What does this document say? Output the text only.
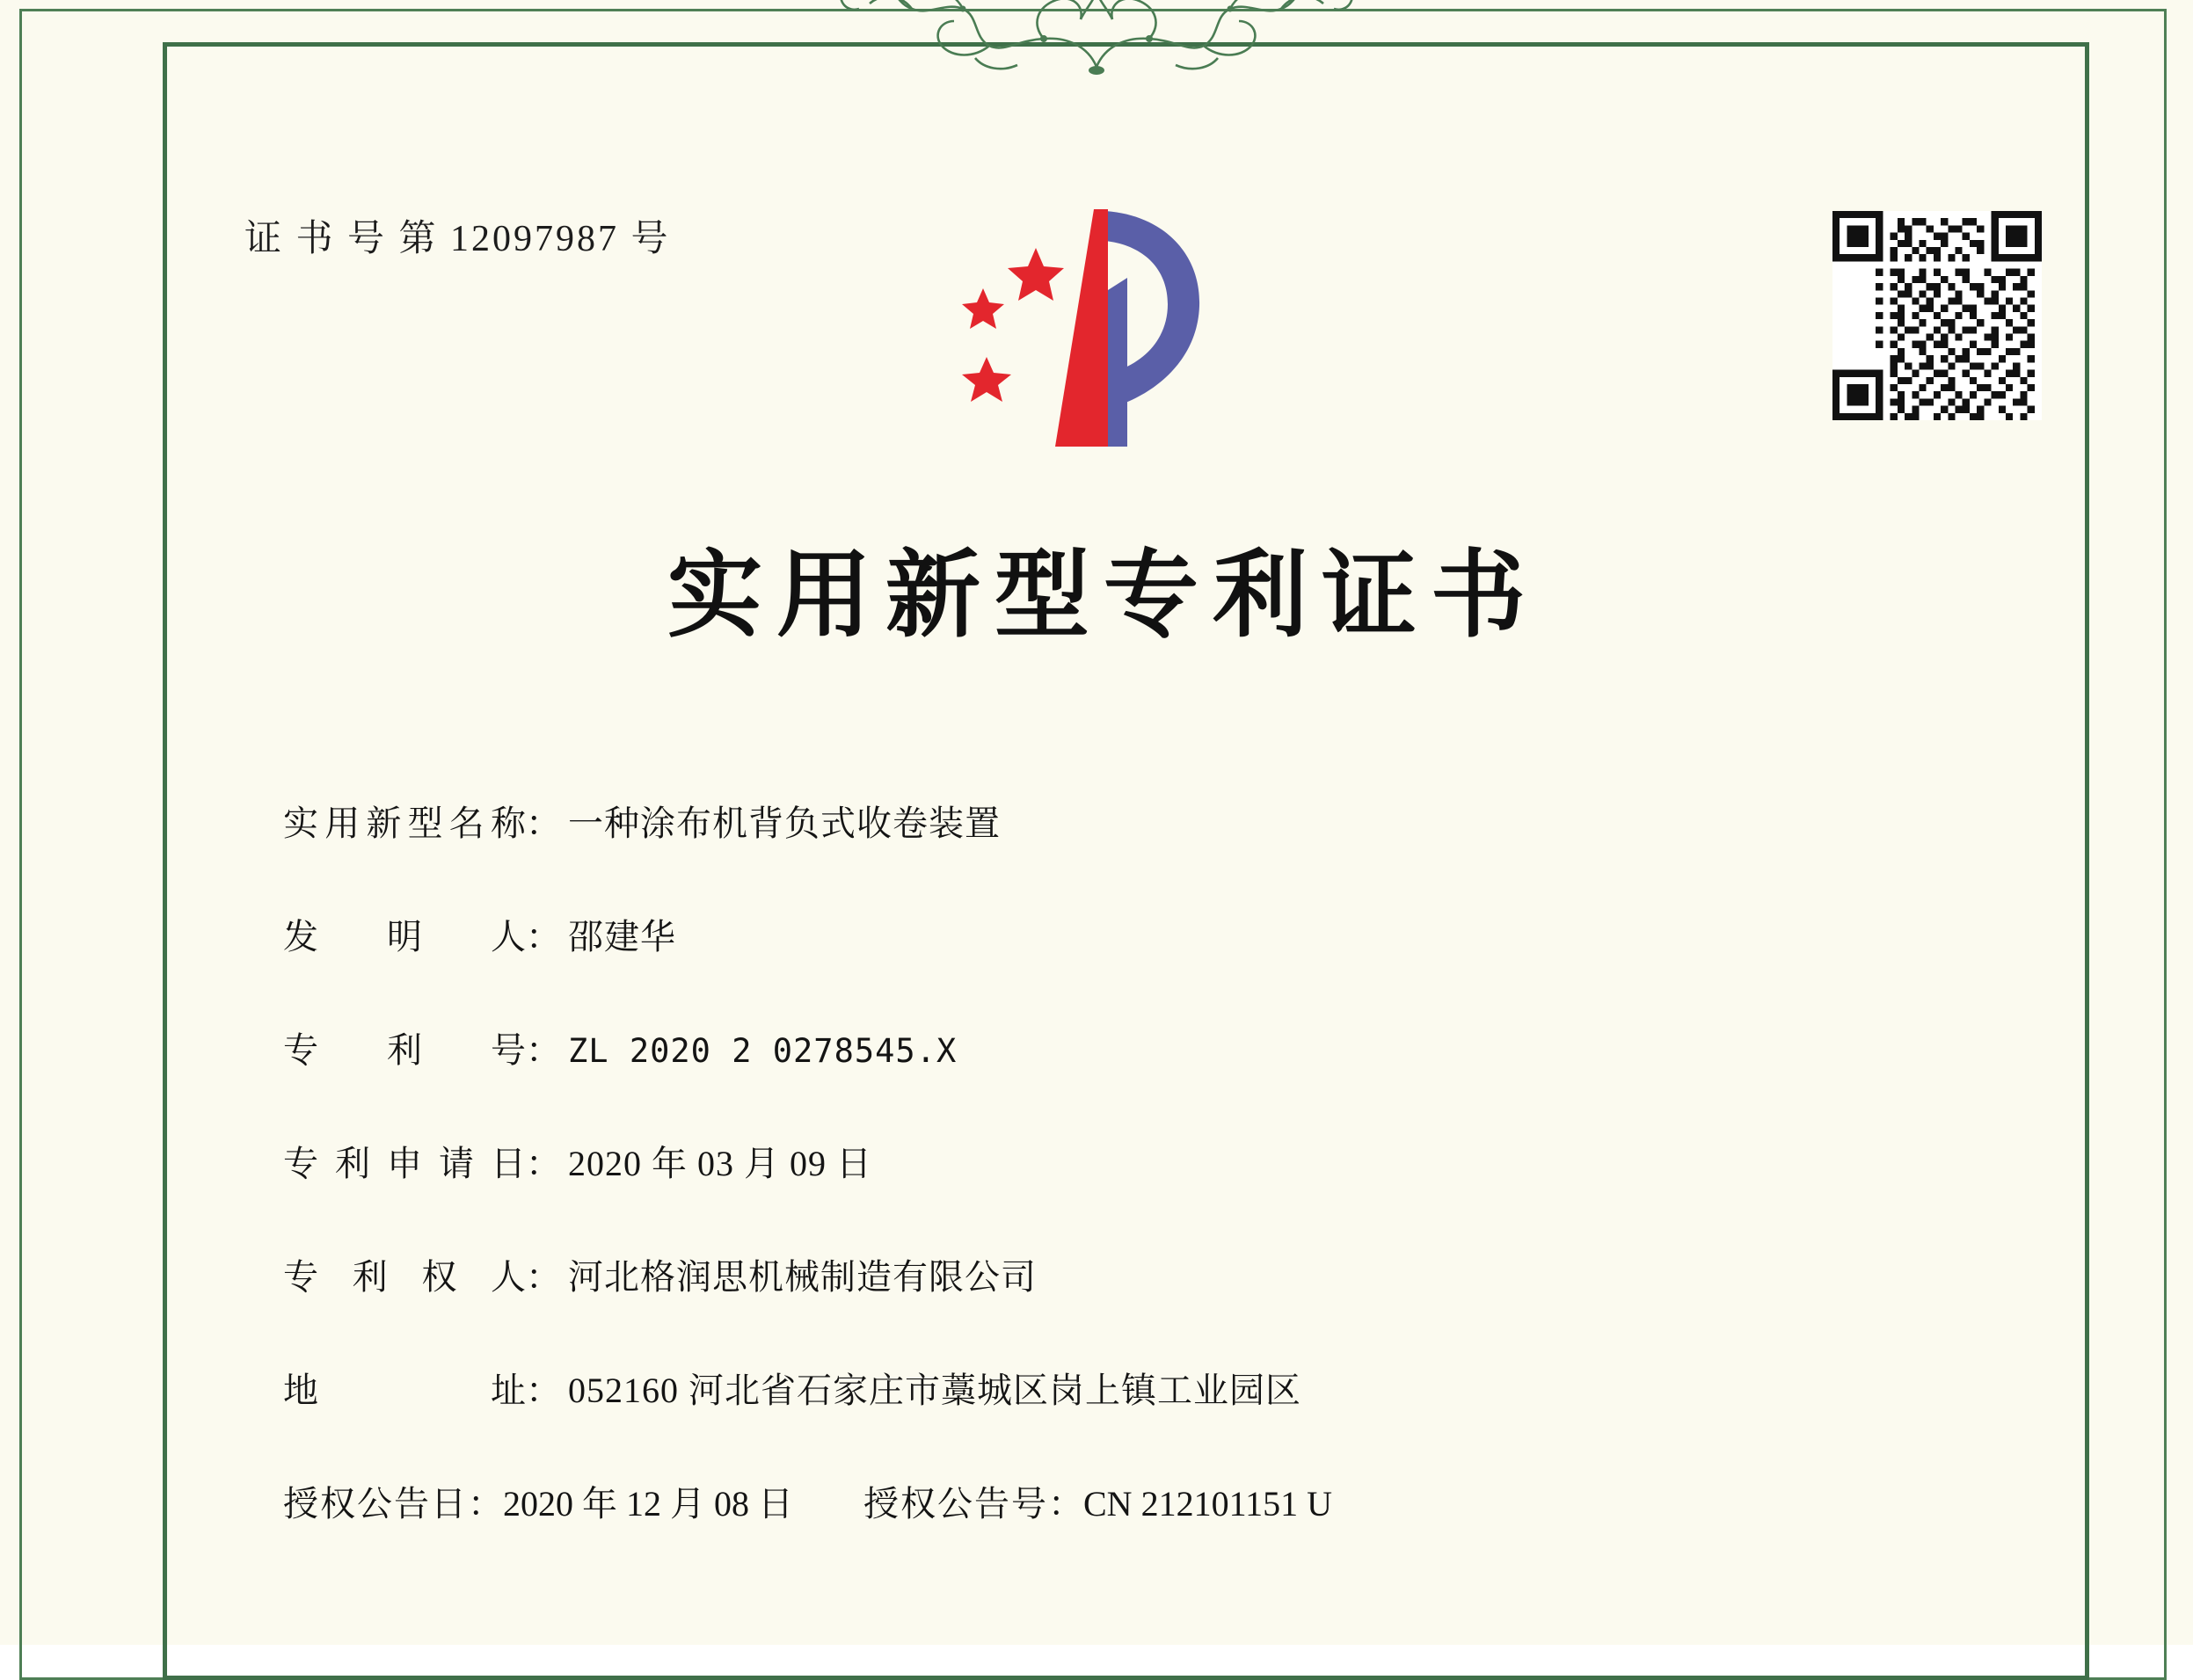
证 书 号 第 12097987 号
实用新型专利证书
实 用 新 型 名 称 ： 一种涂布机背负式收卷装置
发 明 人 ： 邵建华
专 利 号 ： ZL 2020 2 0278545.X
专 利 申 请 日 ： 2020 年 03 月 09 日
专 利 权 人 ： 河北格润思机械制造有限公司
地	址 ： 052160 河北省石家庄市藁城区岗上镇工业园区
授权公告日 ： 2020 年 12 月 08 日 授权公告号 ： CN 212101151 U
